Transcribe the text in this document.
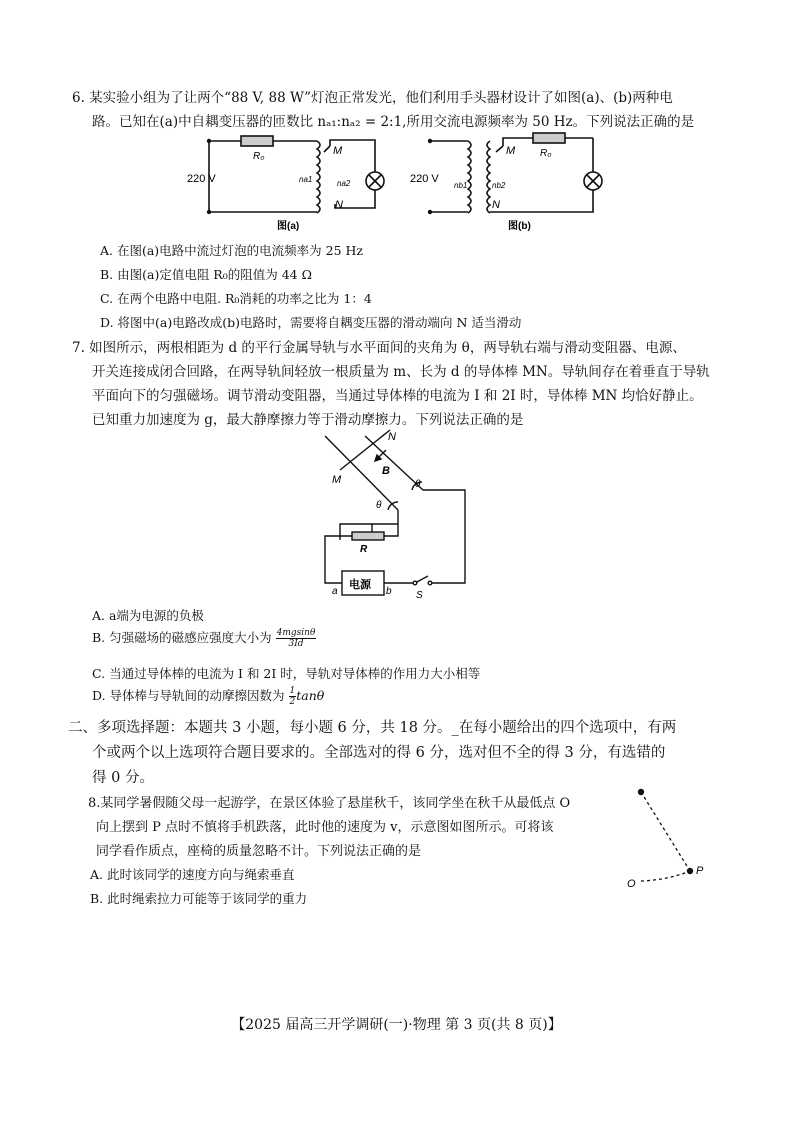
6. 某实验小组为了让两个“88 V, 88 W”灯泡正常发光，他们利用手头器材设计了如图(a)、(b)两种电
路。已知在(a)中自耦变压器的匝数比 nₐ₁:nₐ₂ = 2:1,所用交流电源频率为 50 Hz。下列说法正确的是
220 V
R₀
na1	na2
M
N
图(a)
220 V
R₀
nb1	nb2
M
N
图(b)
A. 在图(a)电路中流过灯泡的电流频率为 25 Hz
B. 由图(a)定值电阻 R₀的阻值为 44 Ω
C. 在两个电路中电阻. R₀消耗的功率之比为 1：4
D. 将图中(a)电路改成(b)电路时，需要将自耦变压器的滑动端向 N 适当滑动
7. 如图所示，两根相距为 d 的平行金属导轨与水平面间的夹角为 θ，两导轨右端与滑动变阻器、电源、
开关连接成闭合回路，在两导轨间轻放一根质量为 m、长为 d 的导体棒 MN。导轨间存在着垂直于导轨
平面向下的匀强磁场。调节滑动变阻器，当通过导体棒的电流为 I 和 2I 时，导体棒 MN 均恰好静止。
已知重力加速度为 g，最大静摩擦力等于滑动摩擦力。下列说法正确的是
N
M
B
θ
θ
R
电源
a	b S
A. a端为电源的负极
B. 匀强磁场的磁感应强度大小为 $\frac{4mgsin\theta}{3Id}$
C. 当通过导体棒的电流为 I 和 2I 时，导轨对导体棒的作用力大小相等
D. 导体棒与导轨间的动摩擦因数为 $\frac{1}{2}$ tanθ
二、多项选择题：本题共 3 小题，每小题 6 分，共 18 分。_在每小题给出的四个选项中，有两
个或两个以上选项符合题目要求的。全部选对的得 6 分，选对但不全的得 3 分，有选错的
得 0 分。
8.某同学暑假随父母一起游学，在景区体验了悬崖秋千，该同学坐在秋千从最低点 O
向上摆到 P 点时不慎将手机跌落，此时他的速度为 v，示意图如图所示。可将该
同学看作质点，座椅的质量忽略不计。下列说法正确的是
A. 此时该同学的速度方向与绳索垂直
B. 此时绳索拉力可能等于该同学的重力
O
P
【2025 届高三开学调研(一)·物理 第 3 页(共 8 页)】
